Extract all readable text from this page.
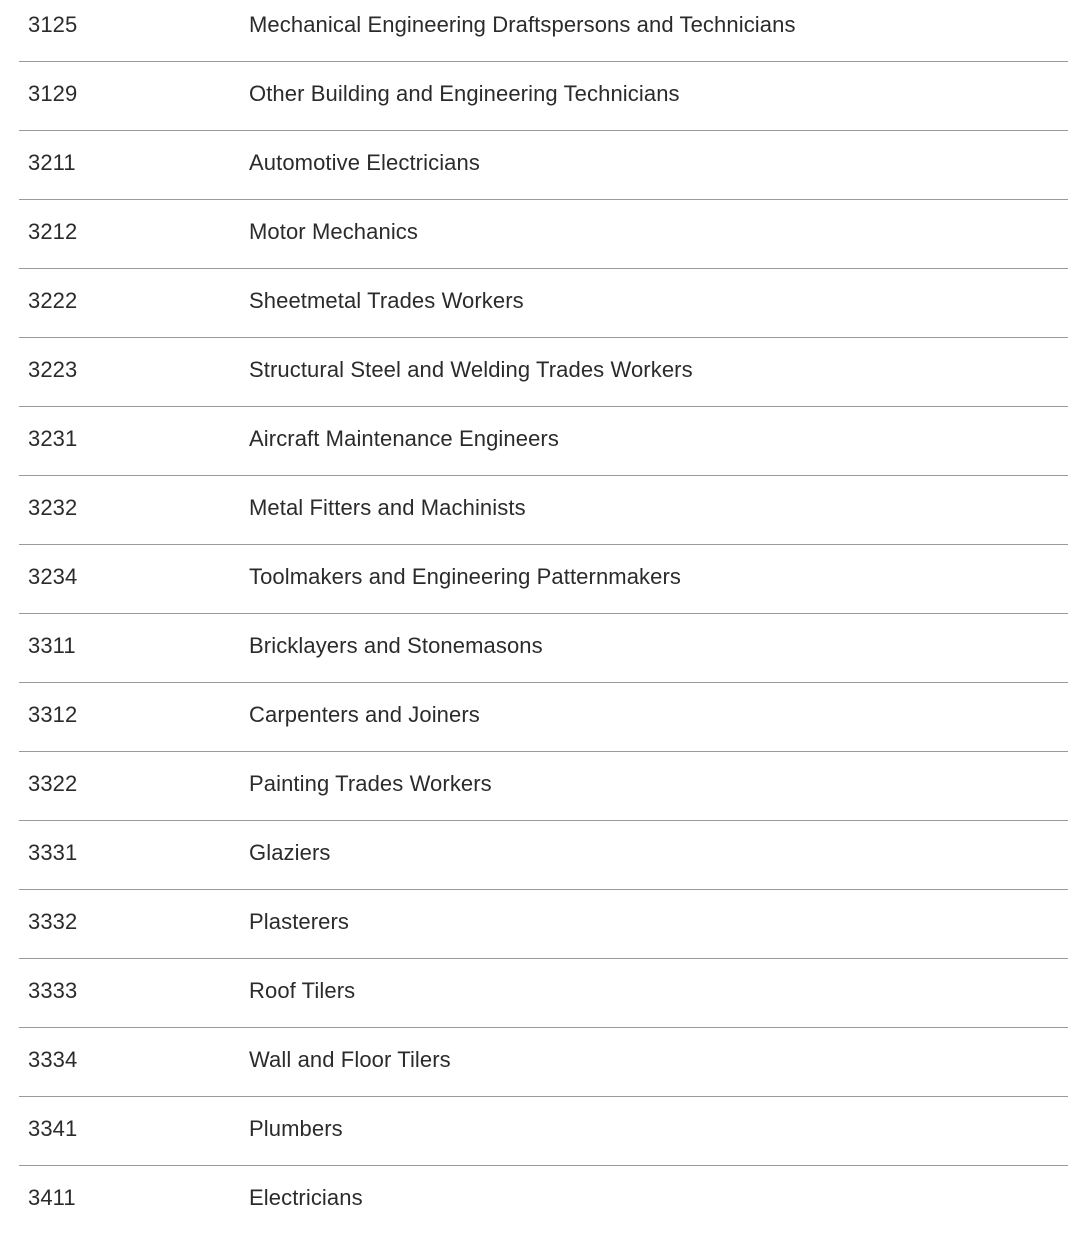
3125	Mechanical Engineering Draftspersons and Technicians

3129	Other Building and Engineering Technicians

3211	Automotive Electricians

3212	Motor Mechanics

3222	Sheetmetal Trades Workers

3223	Structural Steel and Welding Trades Workers

3231	Aircraft Maintenance Engineers

3232	Metal Fitters and Machinists

3234	Toolmakers and Engineering Patternmakers

3311	Bricklayers and Stonemasons

3312	Carpenters and Joiners

3322	Painting Trades Workers

3331	Glaziers

3332	Plasterers

3333	Roof Tilers

3334	Wall and Floor Tilers

3341	Plumbers

3411	Electricians
